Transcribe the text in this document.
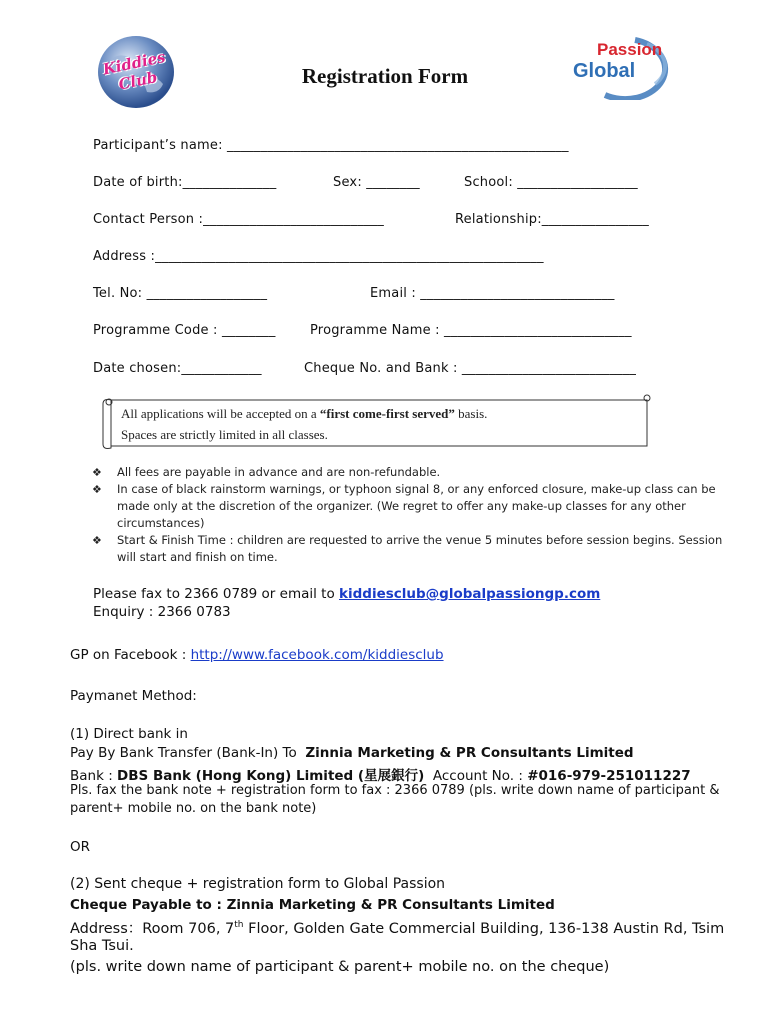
Kiddies Club	Registration Form
Passion
Global
Participant’s name: ___________________________________________________
Date of birth:______________	Sex: ________	School: __________________
Contact Person :___________________________	Relationship:________________
Address :__________________________________________________________
Tel. No: __________________	Email : _____________________________
Programme Code : ________	Programme Name : ____________________________
Date chosen:____________	Cheque No. and Bank : __________________________
All applications will be accepted on a “first come-first served” basis.
Spaces are strictly limited in all classes.
❖ All fees are payable in advance and are non-refundable.
❖ In case of black rainstorm warnings, or typhoon signal 8, or any enforced closure, make-up class can be made only at the discretion of the organizer. (We regret to offer any make-up classes for any other circumstances)
❖ Start & Finish Time : children are requested to arrive the venue 5 minutes before session begins. Session will start and finish on time.
Please fax to 2366 0789 or email to kiddiesclub@globalpassiongp.com
Enquiry : 2366 0783
GP on Facebook : http://www.facebook.com/kiddiesclub
Paymanet Method:
(1) Direct bank in
Pay By Bank Transfer (Bank-In) To  Zinnia Marketing & PR Consultants Limited
Bank : DBS Bank (Hong Kong) Limited (星展銀行)  Account No. : #016-979-251011227
Pls. fax the bank note + registration form to fax : 2366 0789 (pls. write down name of participant &
parent+ mobile no. on the bank note)
OR
(2) Sent cheque + registration form to Global Passion
Cheque Payable to : Zinnia Marketing & PR Consultants Limited
Address：Room 706, 7th Floor, Golden Gate Commercial Building, 136-138 Austin Rd, Tsim
Sha Tsui.
(pls. write down name of participant & parent+ mobile no. on the cheque)
